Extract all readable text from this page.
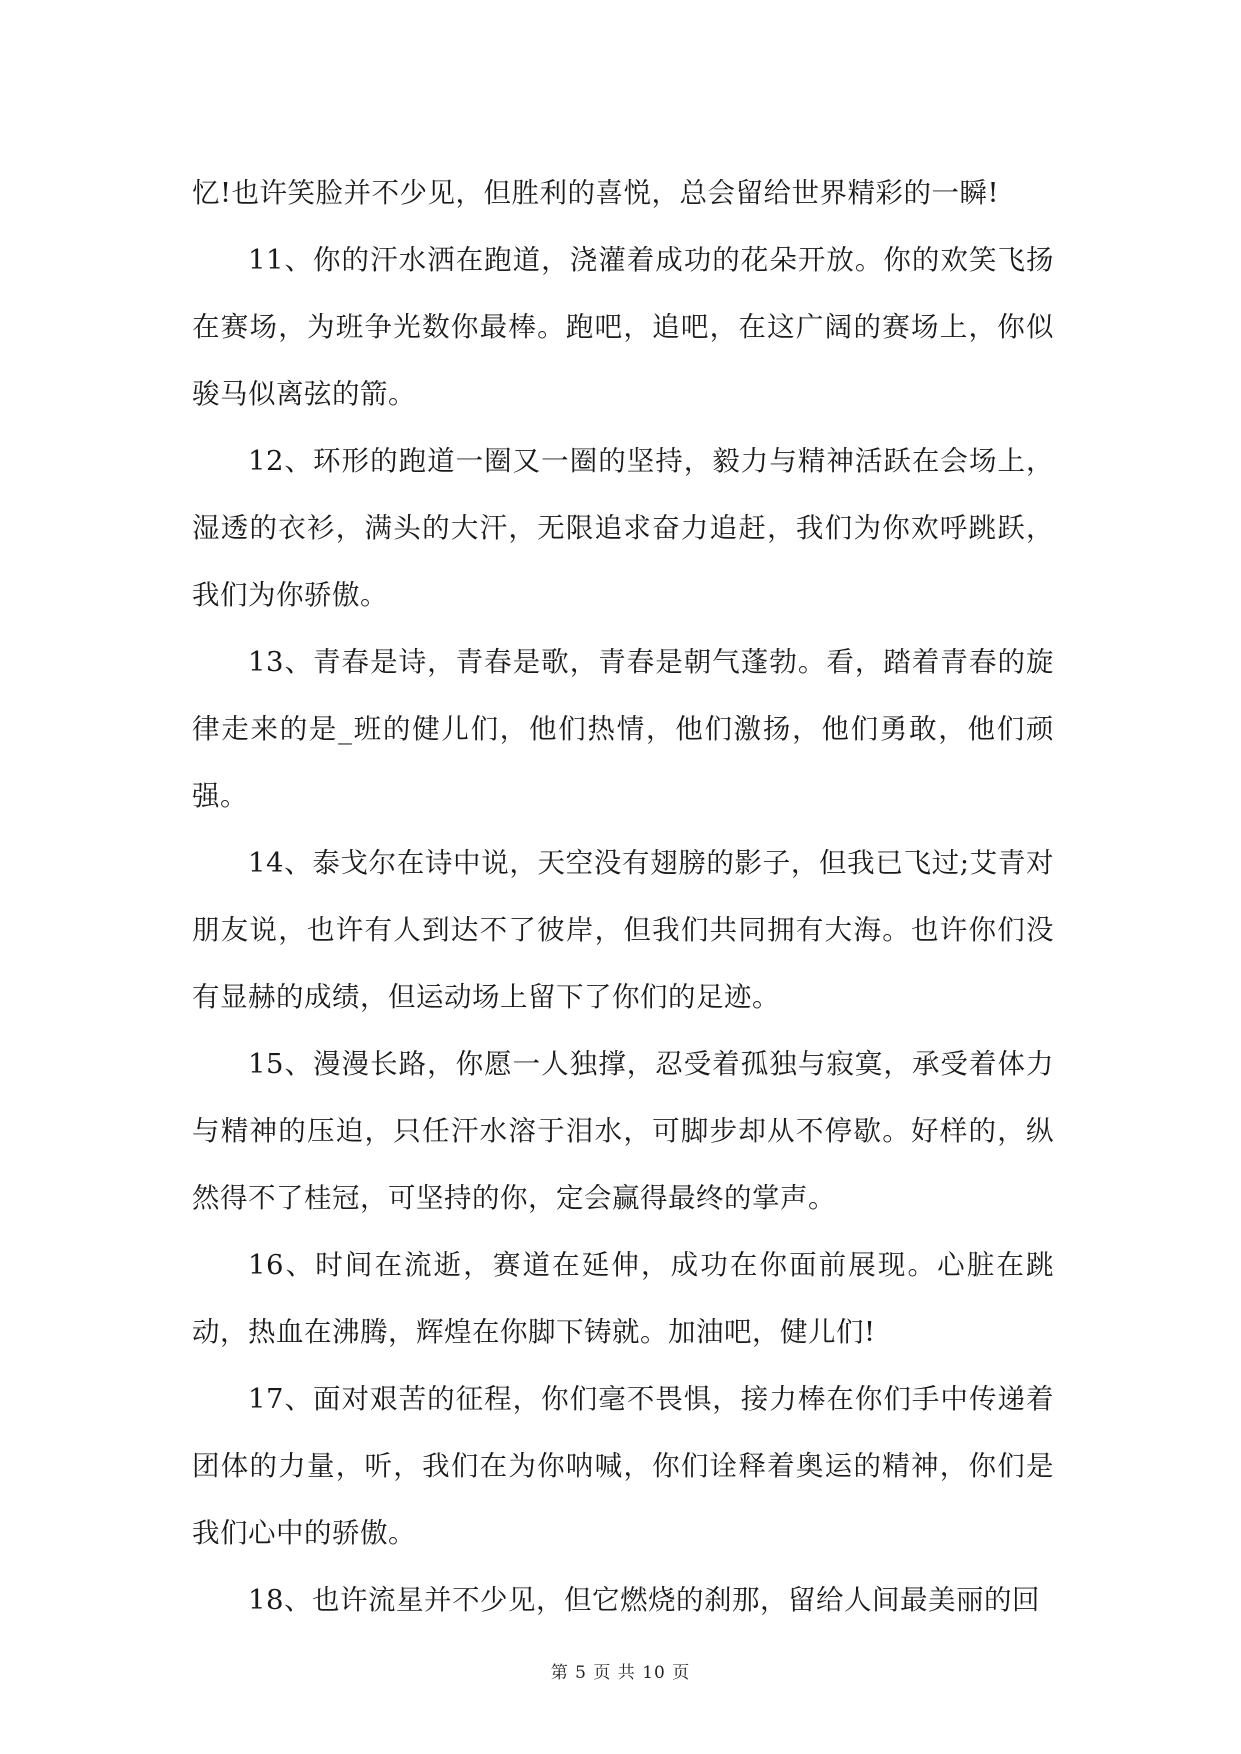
忆!也许笑脸并不少见，但胜利的喜悦，总会留给世界精彩的一瞬!

11、你的汗水洒在跑道，浇灌着成功的花朵开放。你的欢笑飞扬在赛场，为班争光数你最棒。跑吧，追吧，在这广阔的赛场上，你似骏马似离弦的箭。

12、环形的跑道一圈又一圈的坚持，毅力与精神活跃在会场上，湿透的衣衫，满头的大汗，无限追求奋力追赶，我们为你欢呼跳跃，我们为你骄傲。

13、青春是诗，青春是歌，青春是朝气蓬勃。看，踏着青春的旋律走来的是_班的健儿们，他们热情，他们激扬，他们勇敢，他们顽强。

14、泰戈尔在诗中说，天空没有翅膀的影子，但我已飞过;艾青对朋友说，也许有人到达不了彼岸，但我们共同拥有大海。也许你们没有显赫的成绩，但运动场上留下了你们的足迹。

15、漫漫长路，你愿一人独撑，忍受着孤独与寂寞，承受着体力与精神的压迫，只任汗水溶于泪水，可脚步却从不停歇。好样的，纵然得不了桂冠，可坚持的你，定会赢得最终的掌声。

16、时间在流逝，赛道在延伸，成功在你面前展现。心脏在跳动，热血在沸腾，辉煌在你脚下铸就。加油吧，健儿们!

17、面对艰苦的征程，你们毫不畏惧，接力棒在你们手中传递着团体的力量，听，我们在为你呐喊，你们诠释着奥运的精神，你们是我们心中的骄傲。

18、也许流星并不少见，但它燃烧的刹那，留给人间最美丽的回

第 5 页 共 10 页
